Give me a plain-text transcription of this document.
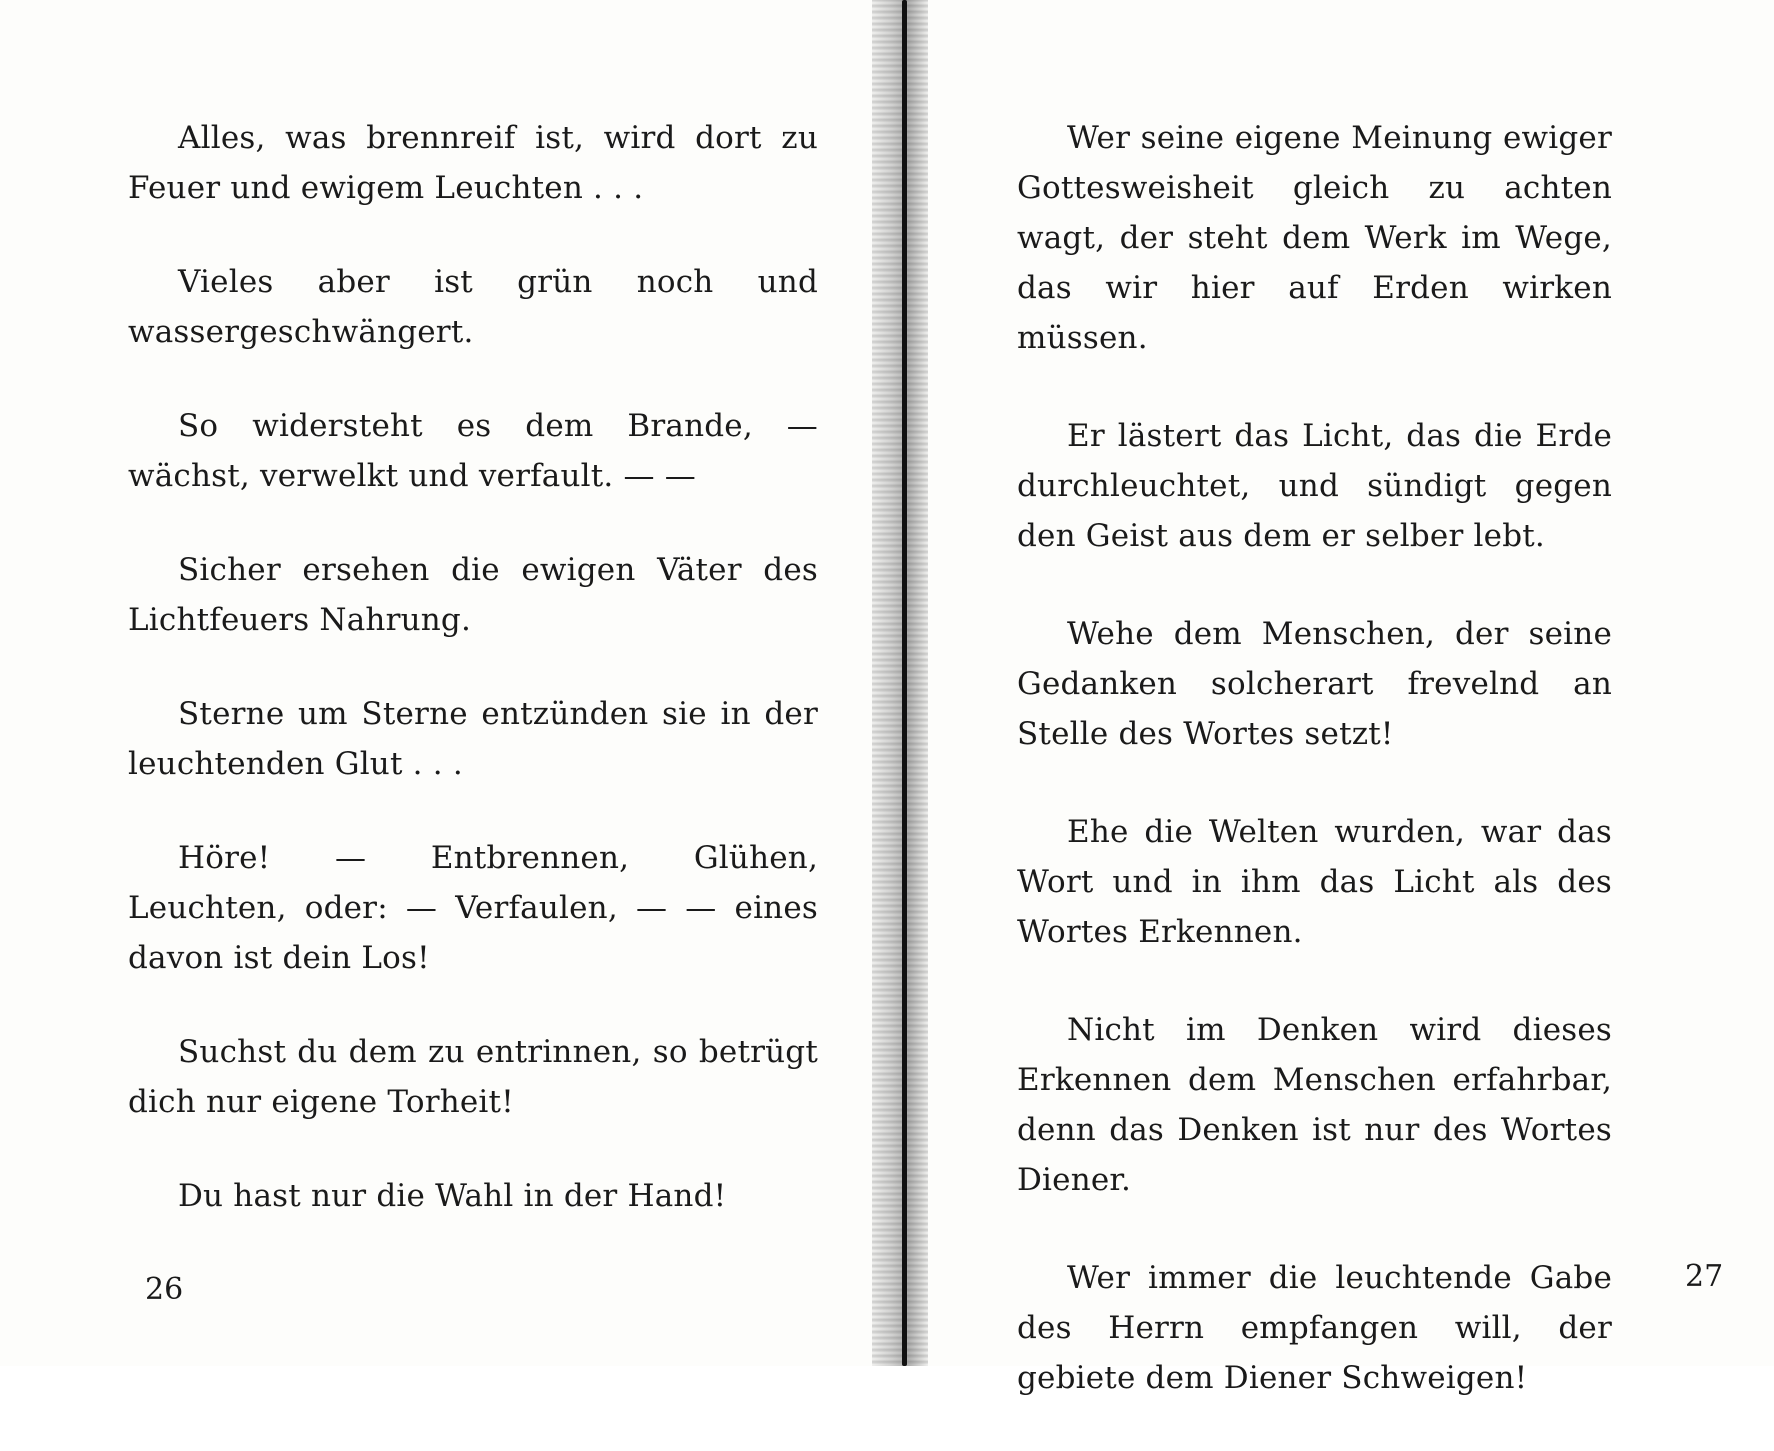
Alles, was brennreif ist, wird dort zu Feuer und ewigem Leuchten . . .

Vieles aber ist grün noch und wassergeschwängert.

So widersteht es dem Brande, — wächst, verwelkt und verfault. — —

Sicher ersehen die ewigen Väter des Lichtfeuers Nahrung.

Sterne um Sterne entzünden sie in der leuchtenden Glut . . .

Höre! — Entbrennen, Glühen, Leuchten, oder: — Verfaulen, — — eines davon ist dein Los!

Suchst du dem zu entrinnen, so betrügt dich nur eigene Torheit!

Du hast nur die Wahl in der Hand!

26

Wer seine eigene Meinung ewiger Gottesweisheit gleich zu achten wagt, der steht dem Werk im Wege, das wir hier auf Erden wirken müssen.

Er lästert das Licht, das die Erde durchleuchtet, und sündigt gegen den Geist aus dem er selber lebt.

Wehe dem Menschen, der seine Gedanken solcherart frevelnd an Stelle des Wortes setzt!

Ehe die Welten wurden, war das Wort und in ihm das Licht als des Wortes Erkennen.

Nicht im Denken wird dieses Erkennen dem Menschen erfahrbar, denn das Denken ist nur des Wortes Diener.

Wer immer die leuchtende Gabe des Herrn empfangen will, der gebiete dem Diener Schweigen!

27
